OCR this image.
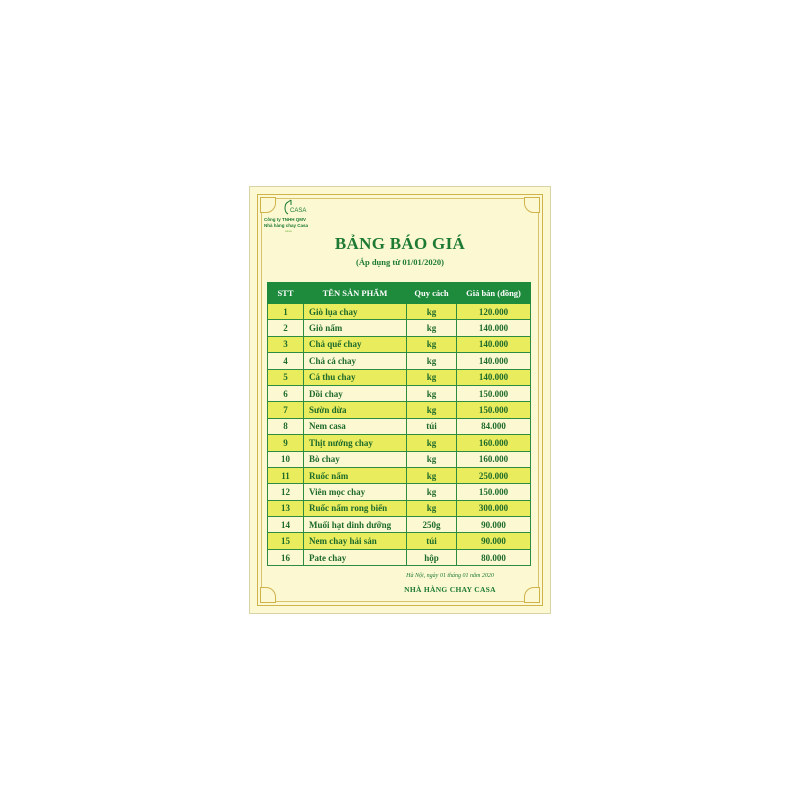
CASA
Công ty TNHH QMV
Nhà hàng chay Casa
casa
BẢNG BÁO GIÁ
(Áp dụng từ 01/01/2020)
STT	TÊN SẢN PHẨM	Quy cách	Giá bán (đồng)
1	Giò lụa chay	kg	120.000
2	Giò nấm	kg	140.000
3	Chả quế chay	kg	140.000
4	Chả cá chay	kg	140.000
5	Cá thu chay	kg	140.000
6	Dồi chay	kg	150.000
7	Sườn dừa	kg	150.000
8	Nem casa	túi	84.000
9	Thịt nướng chay	kg	160.000
10	Bò chay	kg	160.000
11	Ruốc nấm	kg	250.000
12	Viên mọc chay	kg	150.000
13	Ruốc nấm rong biển	kg	300.000
14	Muối hạt dinh dưỡng	250g	90.000
15	Nem chay hải sản	túi	90.000
16	Pate chay	hộp	80.000
Hà Nội, ngày 01 tháng 01 năm 2020
NHÀ HÀNG CHAY CASA
